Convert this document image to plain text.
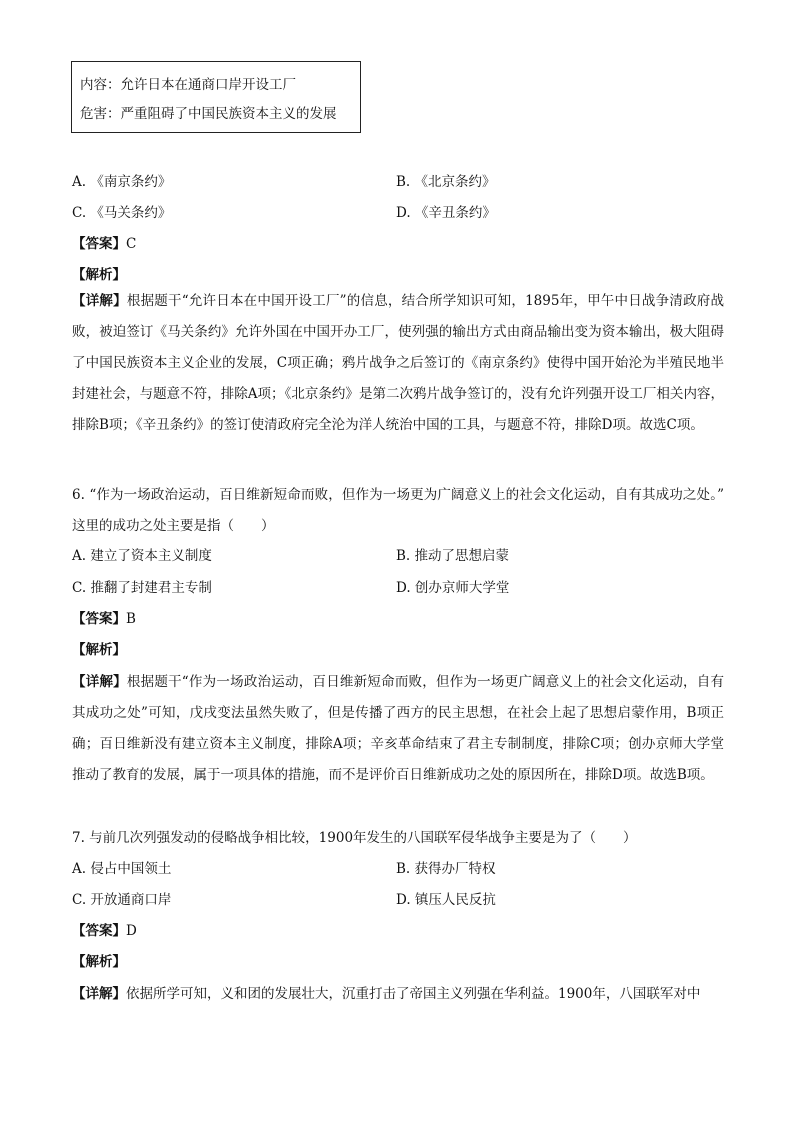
内容：允许日本在通商口岸开设工厂
危害：严重阻碍了中国民族资本主义的发展
A. 《南京条约》	B. 《北京条约》
C. 《马关条约》	D. 《辛丑条约》
【答案】C
【解析】
【详解】根据题干“允许日本在中国开设工厂”的信息，结合所学知识可知，1895年，甲午中日战争清政府战败，被迫签订《马关条约》允许外国在中国开办工厂，使列强的输出方式由商品输出变为资本输出，极大阻碍了中国民族资本主义企业的发展，C项正确；鸦片战争之后签订的《南京条约》使得中国开始沦为半殖民地半封建社会，与题意不符，排除A项；《北京条约》是第二次鸦片战争签订的，没有允许列强开设工厂相关内容，排除B项；《辛丑条约》的签订使清政府完全沦为洋人统治中国的工具，与题意不符，排除D项。故选C项。
6. “作为一场政治运动，百日维新短命而败，但作为一场更为广阔意义上的社会文化运动，自有其成功之处。” 这里的成功之处主要是指（　　）
A. 建立了资本主义制度	B. 推动了思想启蒙
C. 推翻了封建君主专制	D. 创办京师大学堂
【答案】B
【解析】
【详解】根据题干“作为一场政治运动，百日维新短命而败，但作为一场更广阔意义上的社会文化运动，自有其成功之处”可知，戊戌变法虽然失败了，但是传播了西方的民主思想，在社会上起了思想启蒙作用，B项正确；百日维新没有建立资本主义制度，排除A项；辛亥革命结束了君主专制制度，排除C项；创办京师大学堂推动了教育的发展，属于一项具体的措施，而不是评价百日维新成功之处的原因所在，排除D项。故选B项。
7. 与前几次列强发动的侵略战争相比较，1900年发生的八国联军侵华战争主要是为了（　　）
A. 侵占中国领土	B. 获得办厂特权
C. 开放通商口岸	D. 镇压人民反抗
【答案】D
【解析】
【详解】依据所学可知，义和团的发展壮大，沉重打击了帝国主义列强在华利益。1900年，八国联军对中
